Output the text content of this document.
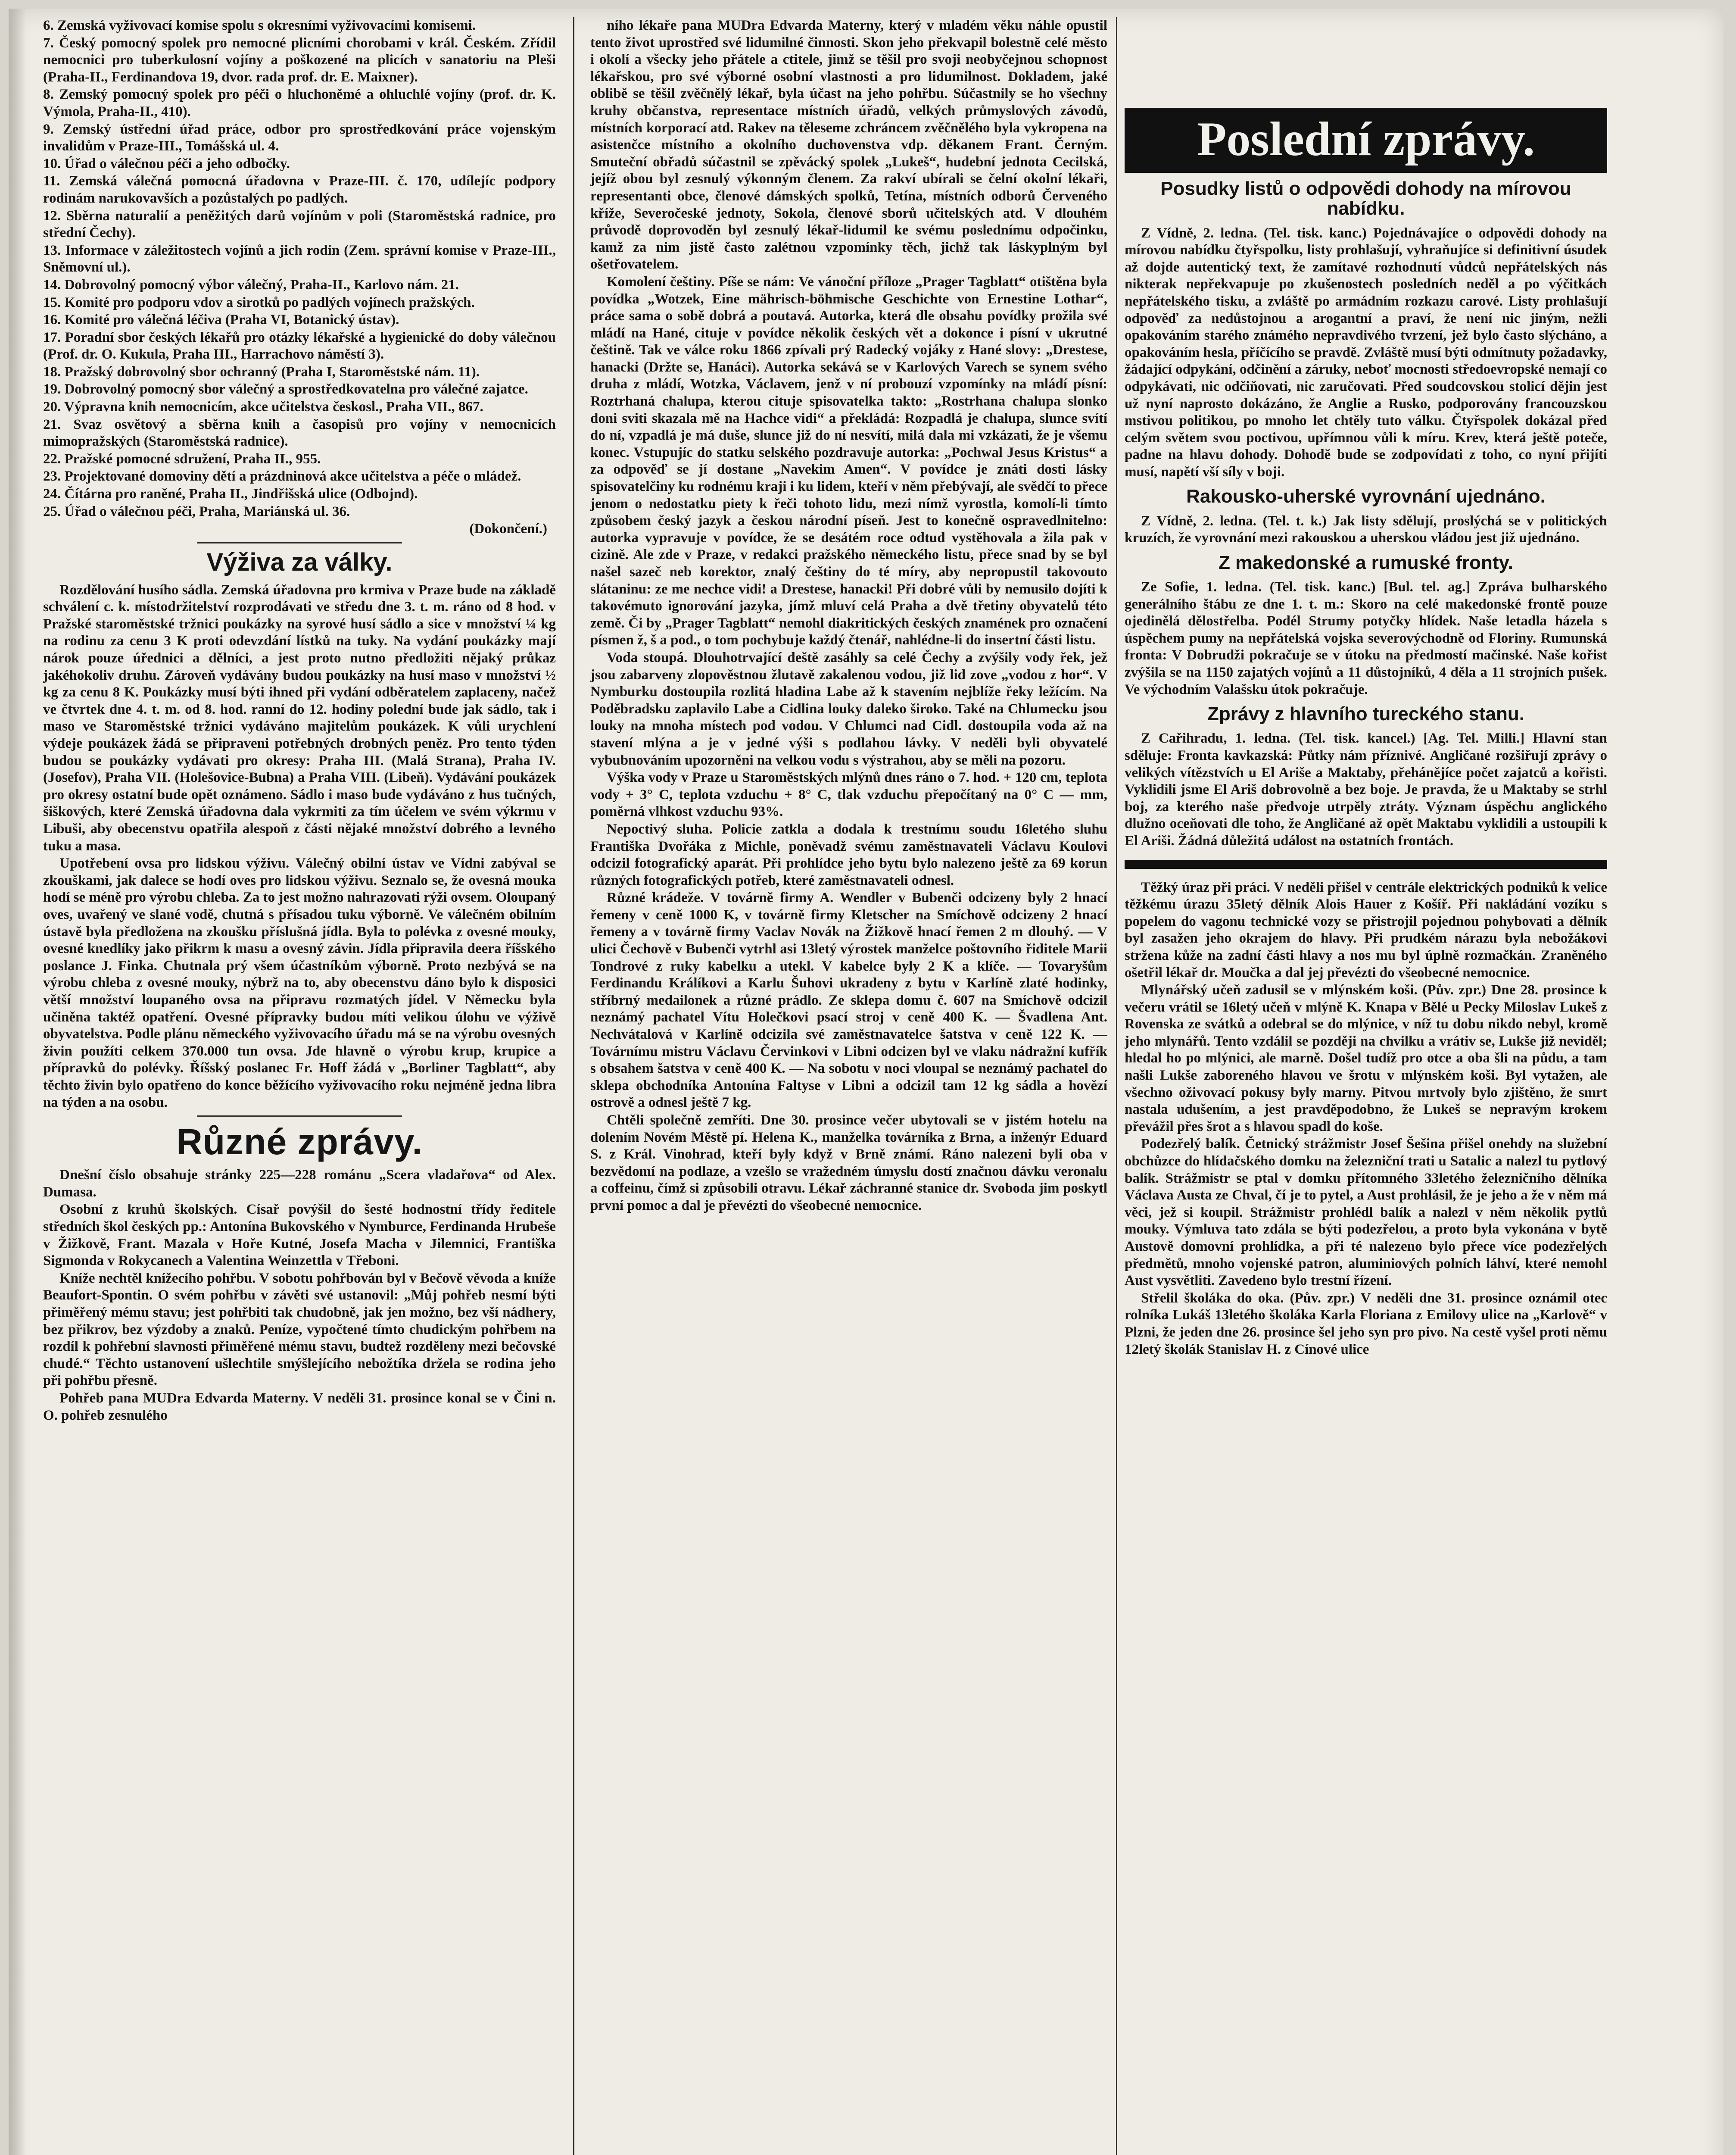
6. Zemská vyživovací komise spolu s okresními vyživovacími komisemi.

7. Český pomocný spolek pro nemocné plicními chorobami v král. Českém. Zřídil nemocnici pro tuberkulosní vojíny a poškozené na plicích v sanatoriu na Pleši (Praha-II., Ferdinandova 19, dvor. rada prof. dr. E. Maixner).

8. Zemský pomocný spolek pro péči o hluchoněmé a ohluchlé vojíny (prof. dr. K. Výmola, Praha-II., 410).

9. Zemský ústřední úřad práce, odbor pro sprostředkování práce vojenským invalidům v Praze-III., Tomášská ul. 4.

10. Úřad o válečnou péči a jeho odbočky.

11. Zemská válečná pomocná úřadovna v Praze-III. č. 170, udílejíc podpory rodinám narukovavších a pozůstalých po padlých.

12. Sběrna naturalií a peněžitých darů vojínům v poli (Staroměstská radnice, pro střední Čechy).

13. Informace v záležitostech vojínů a jich rodin (Zem. správní komise v Praze-III., Sněmovní ul.).

14. Dobrovolný pomocný výbor válečný, Praha-II., Karlovo nám. 21.

15. Komité pro podporu vdov a sirotků po padlých vojínech pražských.

16. Komité pro válečná léčiva (Praha VI, Botanický ústav).

17. Poradní sbor českých lékařů pro otázky lékařské a hygienické do doby válečnou (Prof. dr. O. Kukula, Praha III., Harrachovo náměstí 3).

18. Pražský dobrovolný sbor ochranný (Praha I, Staroměstské nám. 11).

19. Dobrovolný pomocný sbor válečný a sprostředkovatelna pro válečné zajatce.

20. Výpravna knih nemocnicím, akce učitelstva českosl., Praha VII., 867.

21. Svaz osvětový a sběrna knih a časopisů pro vojíny v nemocnicích mimopražských (Staroměstská radnice).

22. Pražské pomocné sdružení, Praha II., 955.

23. Projektované domoviny dětí a prázdninová akce učitelstva a péče o mládež.

24. Čítárna pro raněné, Praha II., Jindřišská ulice (Odbojnd).

25. Úřad o válečnou péči, Praha, Mariánská ul. 36.

(Dokončení.)
Výživa za války.

Rozdělování husího sádla. Zemská úřadovna pro krmiva v Praze bude na základě schválení c. k. místodržitelství rozprodávati ve středu dne 3. t. m. ráno od 8 hod. v Pražské staroměstské tržnici poukázky na syrové husí sádlo a sice v množství ¼ kg na rodinu za cenu 3 K proti odevzdání lístků na tuky. Na vydání poukázky mají nárok pouze úřednici a dělníci, a jest proto nutno předložiti nějaký průkaz jakéhokoliv druhu. Zároveň vydávány budou poukázky na husí maso v množství ½ kg za cenu 8 K. Poukázky musí býti ihned při vydání odběratelem zaplaceny, načež ve čtvrtek dne 4. t. m. od 8. hod. ranní do 12. hodiny polední bude jak sádlo, tak i maso ve Staroměstské tržnici vydáváno majitelům poukázek. K vůli urychlení výdeje poukázek žádá se připraveni potřebných drobných peněz. Pro tento týden budou se poukázky vydávati pro okresy: Praha III. (Malá Strana), Praha IV. (Josefov), Praha VII. (Holešovice-Bubna) a Praha VIII. (Libeň). Vydávání poukázek pro okresy ostatní bude opět oznámeno. Sádlo i maso bude vydáváno z hus tučných, šiškových, které Zemská úřadovna dala vykrmiti za tím účelem ve svém výkrmu v Libuši, aby obecenstvu opatřila alespoň z části nějaké množství dobrého a levného tuku a masa.

Upotřebení ovsa pro lidskou výživu. Válečný obilní ústav ve Vídni zabýval se zkouškami, jak dalece se hodí oves pro lidskou výživu. Seznalo se, že ovesná mouka hodí se méně pro výrobu chleba. Za to jest možno nahrazovati rýži ovsem. Oloupaný oves, uvařený ve slané vodě, chutná s přísadou tuku výborně. Ve válečném obilním ústavě byla předložena na zkoušku příslušná jídla. Byla to polévka z ovesné mouky, ovesné knedlíky jako přikrm k masu a ovesný závin. Jídla připravila deera říšského poslance J. Finka. Chutnala prý všem účastníkům výborně. Proto nezbývá se na výrobu chleba z ovesné mouky, nýbrž na to, aby obecenstvu dáno bylo k disposici větší množství loupaného ovsa na připravu rozmatých jídel. V Německu byla učiněna taktéž opatření. Ovesné přípravky budou míti velikou úlohu ve výživě obyvatelstva. Podle plánu německého vyživovacího úřadu má se na výrobu ovesných živin použíti celkem 370.000 tun ovsa. Jde hlavně o výrobu krup, krupice a přípravků do polévky. Říšský poslanec Fr. Hoff žádá v „Borliner Tagblatt“, aby těchto živin bylo opatřeno do konce běžícího vyživovacího roku nejméně jedna libra na týden a na osobu.

Různé zprávy.

Dnešní číslo obsahuje stránky 225—228 románu „Scera vladařova“ od Alex. Dumasa.

Osobní z kruhů školských. Císař povýšil do šesté hodnostní třídy ředitele středních škol českých pp.: Antonína Bukovského v Nymburce, Ferdinanda Hrubeše v Žižkově, Frant. Mazala v Hoře Kutné, Josefa Macha v Jilemnici, Františka Sigmonda v Rokycanech a Valentina Weinzettla v Třeboni.

Kníže nechtěl knížecího pohřbu. V sobotu pohřbován byl v Bečově věvoda a kníže Beaufort-Spontin. O svém pohřbu v závěti své ustanovil: „Můj pohřeb nesmí býti přiměřený mému stavu; jest pohřbiti tak chudobně, jak jen možno, bez vší nádhery, bez přikrov, bez výzdoby a znaků. Peníze, vypočtené tímto chudickým pohřbem na rozdíl k pohřební slavnosti přiměřené mému stavu, budtež rozděleny mezi bečovské chudé.“ Těchto ustanovení ušlechtile smýšlejícího nebožtíka držela se rodina jeho při pohřbu přesně.

Pohřeb pana MUDra Edvarda Materny. V neděli 31. prosince konal se v Čini n. O. pohřeb zesnulého

ního lékaře pana MUDra Edvarda Materny, který v mladém věku náhle opustil tento život uprostřed své lidumilné činnosti. Skon jeho překvapil bolestně celé město i okolí a všecky jeho přátele a ctitele, jimž se těšil pro svoji neobyčejnou schopnost lékařskou, pro své výborné osobní vlastnosti a pro lidumilnost. Dokladem, jaké oblibě se těšil zvěčnělý lékař, byla účast na jeho pohřbu. Súčastnily se ho všechny kruhy občanstva, representace místních úřadů, velkých průmyslových závodů, místních korporací atd. Rakev na těleseme zchráncem zvěčnělého byla vykropena na asistenčce místního a okolního duchovenstva vdp. děkanem Frant. Černým. Smuteční obřadů súčastnil se zpěvácký spolek „Lukeš“, hudební jednota Cecilská, jejíž obou byl zesnulý výkonným členem. Za rakví ubírali se čelní okolní lékaři, representanti obce, členové dámských spolků, Tetína, místních odborů Červeného kříže, Severočeské jednoty, Sokola, členové sborů učitelských atd. V dlouhém průvodě doprovoděn byl zesnulý lékař-lidumil ke svému poslednímu odpočinku, kamž za nim jistě často zalétnou vzpomínky těch, jichž tak láskyplným byl ošetřovatelem.

Komolení češtiny. Píše se nám: Ve vánoční příloze „Prager Tagblatt“ otištěna byla povídka „Wotzek, Eine mährisch-böhmische Geschichte von Ernestine Lothar“, práce sama o sobě dobrá a poutavá. Autorka, která dle obsahu povídky prožila své mládí na Hané, cituje v povídce několik českých vět a dokonce i písní v ukrutné češtině. Tak ve válce roku 1866 zpívali prý Radecký vojáky z Hané slovy: „Drestese, hanacki (Držte se, Hanáci). Autorka sekává se v Karlových Varech se synem svého druha z mládí, Wotzka, Václavem, jenž v ní probouzí vzpomínky na mládí písní: Roztrhaná chalupa, kterou cituje spisovatelka takto: „Rostrhana chalupa slonko doni sviti skazala mě na Hachce vidi“ a překládá: Rozpadlá je chalupa, slunce svítí do ní, vzpadlá je má duše, slunce již do ní nesvítí, milá dala mi vzkázati, že je všemu konec. Vstupujíc do statku selského pozdravuje autorka: „Pochwal Jesus Kristus“ a za odpověď se jí dostane „Navekim Amen“. V povídce je znáti dosti lásky spisovatelčiny ku rodnému kraji i ku lidem, kteří v něm přebývají, ale svědčí to přece jenom o nedostatku piety k řeči tohoto lidu, mezi nímž vyrostla, komolí-li tímto způsobem český jazyk a českou národní píseň. Jest to konečně ospravedlnitelno: autorka vypravuje v povídce, že se desátém roce odtud vystěhovala a žila pak v cizině. Ale zde v Praze, v redakci pražského německého listu, přece snad by se byl našel sazeč neb korektor, znalý češtiny do té míry, aby nepropustil takovouto slátaninu: ze me nechce vidi! a Drestese, hanacki! Při dobré vůli by nemusilo dojíti k takovémuto ignorování jazyka, jímž mluví celá Praha a dvě třetiny obyvatelů této země. Či by „Prager Tagblatt“ nemohl diakritických českých znamének pro označení písmen ž, š a pod., o tom pochybuje každý čtenář, nahlédne-li do insertní části listu.

Voda stoupá. Dlouhotrvající deště zasáhly sa celé Čechy a zvýšily vody řek, jež jsou zabarveny zlopověstnou žlutavě zakalenou vodou, již lid zove „vodou z hor“. V Nymburku dostoupila rozlitá hladina Labe až k stavením nejblíže řeky ležícím. Na Poděbradsku zaplavilo Labe a Cidlina louky daleko široko. Také na Chlumecku jsou louky na mnoha místech pod vodou. V Chlumci nad Cidl. dostoupila voda až na stavení mlýna a je v jedné výši s podlahou lávky. V neděli byli obyvatelé vybubnováním upozorněni na velkou vodu s výstrahou, aby se měli na pozoru.

Výška vody v Praze u Staroměstských mlýnů dnes ráno o 7. hod. + 120 cm, teplota vody + 3° C, teplota vzduchu + 8° C, tlak vzduchu přepočítaný na 0° C — mm, poměrná vlhkost vzduchu 93%.

Nepoctivý sluha. Policie zatkla a dodala k trestnímu soudu 16letého sluhu Františka Dvořáka z Michle, poněvadž svému zaměstnavateli Václavu Koulovi odcizil fotografický aparát. Při prohlídce jeho bytu bylo nalezeno ještě za 69 korun různých fotografických potřeb, které zaměstnavateli odnesl.

Různé krádeže. V továrně firmy A. Wendler v Bubenči odcizeny byly 2 hnací řemeny v ceně 1000 K, v továrně firmy Kletscher na Smíchově odcizeny 2 hnací řemeny a v továrně firmy Vaclav Novák na Žižkově hnací řemen 2 m dlouhý. — V ulici Čechově v Bubenči vytrhl asi 13letý výrostek manželce poštovního řiditele Marii Tondrové z ruky kabelku a utekl. V kabelce byly 2 K a klíče. — Tovaryšům Ferdinandu Králíkovi a Karlu Šuhovi ukradeny z bytu v Karlíně zlaté hodinky, stříbrný medailonek a různé prádlo. Ze sklepa domu č. 607 na Smíchově odcizil neznámý pachatel Vítu Holečkovi psací stroj v ceně 400 K. — Švadlena Ant. Nechvátalová v Karlíně odcizila své zaměstnavatelce šatstva v ceně 122 K. — Továrnímu mistru Václavu Červinkovi v Libni odcizen byl ve vlaku nádražní kufřík s obsahem šatstva v ceně 400 K. — Na sobotu v noci vloupal se neznámý pachatel do sklepa obchodníka Antonína Faltyse v Libni a odcizil tam 12 kg sádla a hovězí ostrově a odnesl ještě 7 kg.

Chtěli společně zemříti. Dne 30. prosince večer ubytovali se v jistém hotelu na dolením Novém Městě pí. Helena K., manželka továrníka z Brna, a inženýr Eduard S. z Král. Vinohrad, kteří byly když v Brně známí. Ráno nalezeni byli oba v bezvědomí na podlaze, a vzešlo se vražedném úmyslu dostí značnou dávku veronalu a coffeinu, čímž si způsobili otravu. Lékař záchranné stanice dr. Svoboda jim poskytl první pomoc a dal je převézti do všeobecné nemocnice.

Poslední zprávy.
Posudky listů o odpovědi dohody na mírovou nabídku.

Z Vídně, 2. ledna. (Tel. tisk. kanc.) Pojednávajíce o odpovědi dohody na mírovou nabídku čtyřspolku, listy prohlašují, vyhraňujíce si definitivní úsudek až dojde autentický text, že zamítavé rozhodnutí vůdců nepřátelských nás nikterak nepřekvapuje po zkušenostech posledních neděl a po výčitkách nepřátelského tisku, a zvláště po armádním rozkazu carové. Listy prohlašují odpověď za nedůstojnou a arogantní a praví, že není nic jiným, nežli opakováním starého známého nepravdivého tvrzení, jež bylo často slýcháno, a opakováním hesla, příčícího se pravdě. Zvláště musí býti odmítnuty požadavky, žádající odpykání, odčinění a záruky, neboť mocnosti středoevropské nemají co odpykávati, nic odčiňovati, nic zaručovati. Před soudcovskou stolicí dějin jest už nyní naprosto dokázáno, že Anglie a Rusko, podporovány francouzskou mstivou politikou, po mnoho let chtěly tuto válku. Čtyřspolek dokázal před celým světem svou poctivou, upřímnou vůli k míru. Krev, která ještě poteče, padne na hlavu dohody. Dohodě bude se zodpovídati z toho, co nyní přijíti musí, napětí vší síly v boji.

Rakousko-uherské vyrovnání ujednáno.

Z Vídně, 2. ledna. (Tel. t. k.) Jak listy sdělují, proslýchá se v politických kruzích, že vyrovnání mezi rakouskou a uherskou vládou jest již ujednáno.

Z makedonské a rumuské fronty.

Ze Sofie, 1. ledna. (Tel. tisk. kanc.) [Bul. tel. ag.] Zpráva bulharského generálního štábu ze dne 1. t. m.: Skoro na celé makedonské frontě pouze ojedinělá dělostřelba. Podél Strumy potyčky hlídek. Naše letadla házela s úspěchem pumy na nepřátelská vojska severovýchodně od Floriny. Rumunská fronta: V Dobrudži pokračuje se v útoku na předmostí mačinské. Naše kořist zvýšila se na 1150 zajatých vojínů a 11 důstojníků, 4 děla a 11 strojních pušek. Ve východním Valašsku útok pokračuje.

Zprávy z hlavního tureckého stanu.

Z Cařihradu, 1. ledna. (Tel. tisk. kancel.) [Ag. Tel. Milli.] Hlavní stan sděluje: Fronta kavkazská: Půtky nám příznivé. Angličané rozšiřují zprávy o velikých vítězstvích u El Ariše a Maktaby, přehánějíce počet zajatců a kořisti. Vyklidili jsme El Ariš dobrovolně a bez boje. Je pravda, že u Maktaby se strhl boj, za kterého naše předvoje utrpěly ztráty. Význam úspěchu anglického dlužno oceňovati dle toho, že Angličané až opět Maktabu vyklidili a ustoupili k El Ariši. Žádná důležitá událost na ostatních frontách.

Těžký úraz při práci. V neděli přišel v centrále elektrických podniků k velice těžkému úrazu 35letý dělník Alois Hauer z Košíř. Při nakládání vozíku s popelem do vagonu technické vozy se přistrojil pojednou pohybovati a dělník byl zasažen jeho okrajem do hlavy. Při prudkém nárazu byla nebožákovi stržena kůže na zadní části hlavy a nos mu byl úplně rozmačkán. Zraněného ošetřil lékař dr. Moučka a dal jej převézti do všeobecné nemocnice.

Mlynářský učeň zadusil se v mlýnském koši. (Pův. zpr.) Dne 28. prosince k večeru vrátil se 16letý učeň v mlýně K. Knapa v Bělé u Pecky Miloslav Lukeš z Rovenska ze svátků a odebral se do mlýnice, v níž tu dobu nikdo nebyl, kromě jeho mlynářů. Tento vzdálil se později na chvilku a vrátiv se, Lukše již neviděl; hledal ho po mlýnici, ale marně. Došel tudíž pro otce a oba šli na půdu, a tam našli Lukše zaboreného hlavou ve šrotu v mlýnském koši. Byl vytažen, ale všechno oživovací pokusy byly marny. Pitvou mrtvoly bylo zjištěno, že smrt nastala udušením, a jest pravděpodobno, že Lukeš se nepravým krokem převážil přes šrot a s hlavou spadl do koše.

Podezřelý balík. Četnický strážmistr Josef Šešina přišel onehdy na služební obchůzce do hlídačského domku na železniční trati u Satalic a nalezl tu pytlový balík. Strážmistr se ptal v domku přítomného 33letého železničního dělníka Václava Austa ze Chval, čí je to pytel, a Aust prohlásil, že je jeho a že v něm má věci, jež si koupil. Strážmistr prohlédl balík a nalezl v něm několik pytlů mouky. Výmluva tato zdála se býti podezřelou, a proto byla vykonána v bytě Austově domovní prohlídka, a při té nalezeno bylo přece více podezřelých předmětů, mnoho vojenské patron, aluminiových polních láhví, které nemohl Aust vysvětliti. Zavedeno bylo trestní řízení.

Střelil školáka do oka. (Pův. zpr.) V neděli dne 31. prosince oznámil otec rolníka Lukáš 13letého školáka Karla Floriana z Emilovy ulice na „Karlově“ v Plzni, že jeden dne 26. prosince šel jeho syn pro pivo. Na cestě vyšel proti němu 12letý školák Stanislav H. z Cínové ulice
